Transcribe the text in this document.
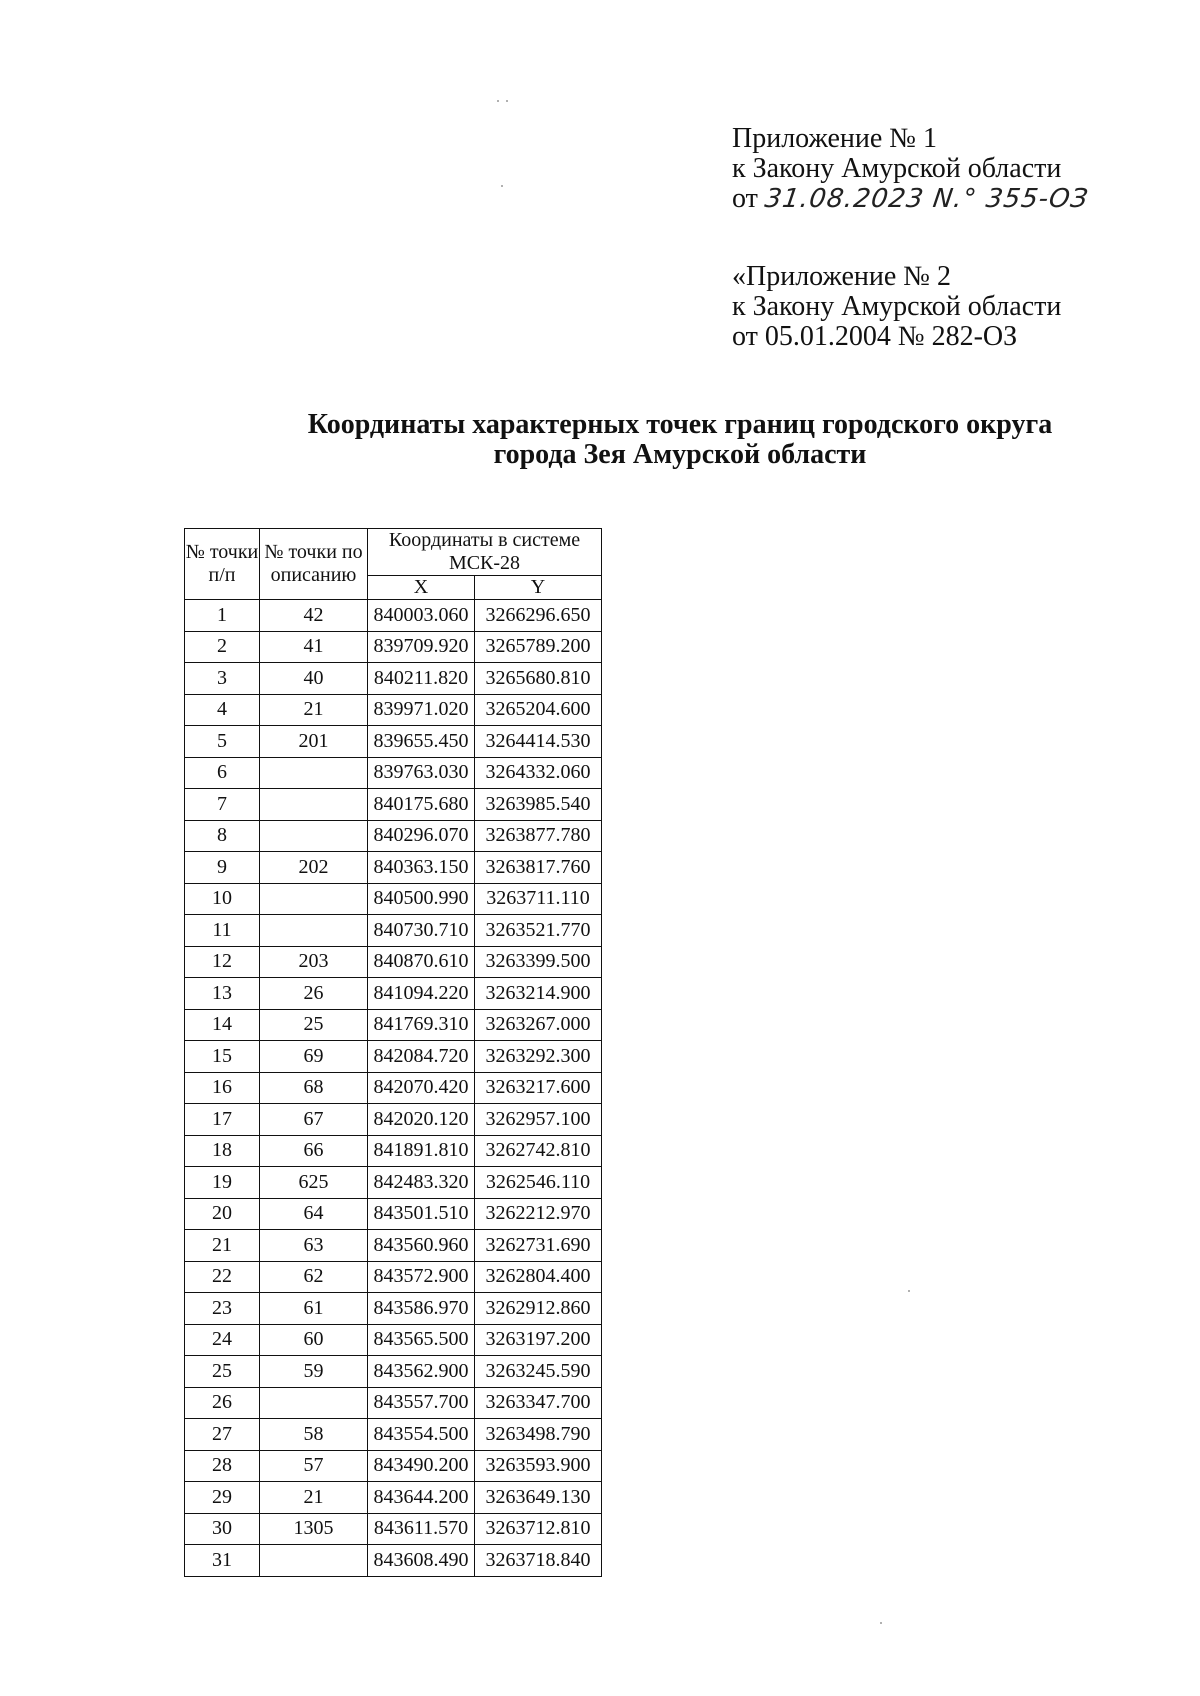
Приложение № 1
к Закону Амурской области
от 31.08.2023 N.° 355-ОЗ
«Приложение № 2
к Закону Амурской области
от 05.01.2004 № 282-ОЗ
Координаты характерных точек границ городского округа
города Зея Амурской области
№ точки п/п	№ точки по описанию	Координаты в системе МСК-28	
		X	Y
1	42	840003.060	3266296.650
2	41	839709.920	3265789.200
3	40	840211.820	3265680.810
4	21	839971.020	3265204.600
5	201	839655.450	3264414.530
6		839763.030	3264332.060
7		840175.680	3263985.540
8		840296.070	3263877.780
9	202	840363.150	3263817.760
10		840500.990	3263711.110
11		840730.710	3263521.770
12	203	840870.610	3263399.500
13	26	841094.220	3263214.900
14	25	841769.310	3263267.000
15	69	842084.720	3263292.300
16	68	842070.420	3263217.600
17	67	842020.120	3262957.100
18	66	841891.810	3262742.810
19	625	842483.320	3262546.110
20	64	843501.510	3262212.970
21	63	843560.960	3262731.690
22	62	843572.900	3262804.400
23	61	843586.970	3262912.860
24	60	843565.500	3263197.200
25	59	843562.900	3263245.590
26		843557.700	3263347.700
27	58	843554.500	3263498.790
28	57	843490.200	3263593.900
29	21	843644.200	3263649.130
30	1305	843611.570	3263712.810
31		843608.490	3263718.840
